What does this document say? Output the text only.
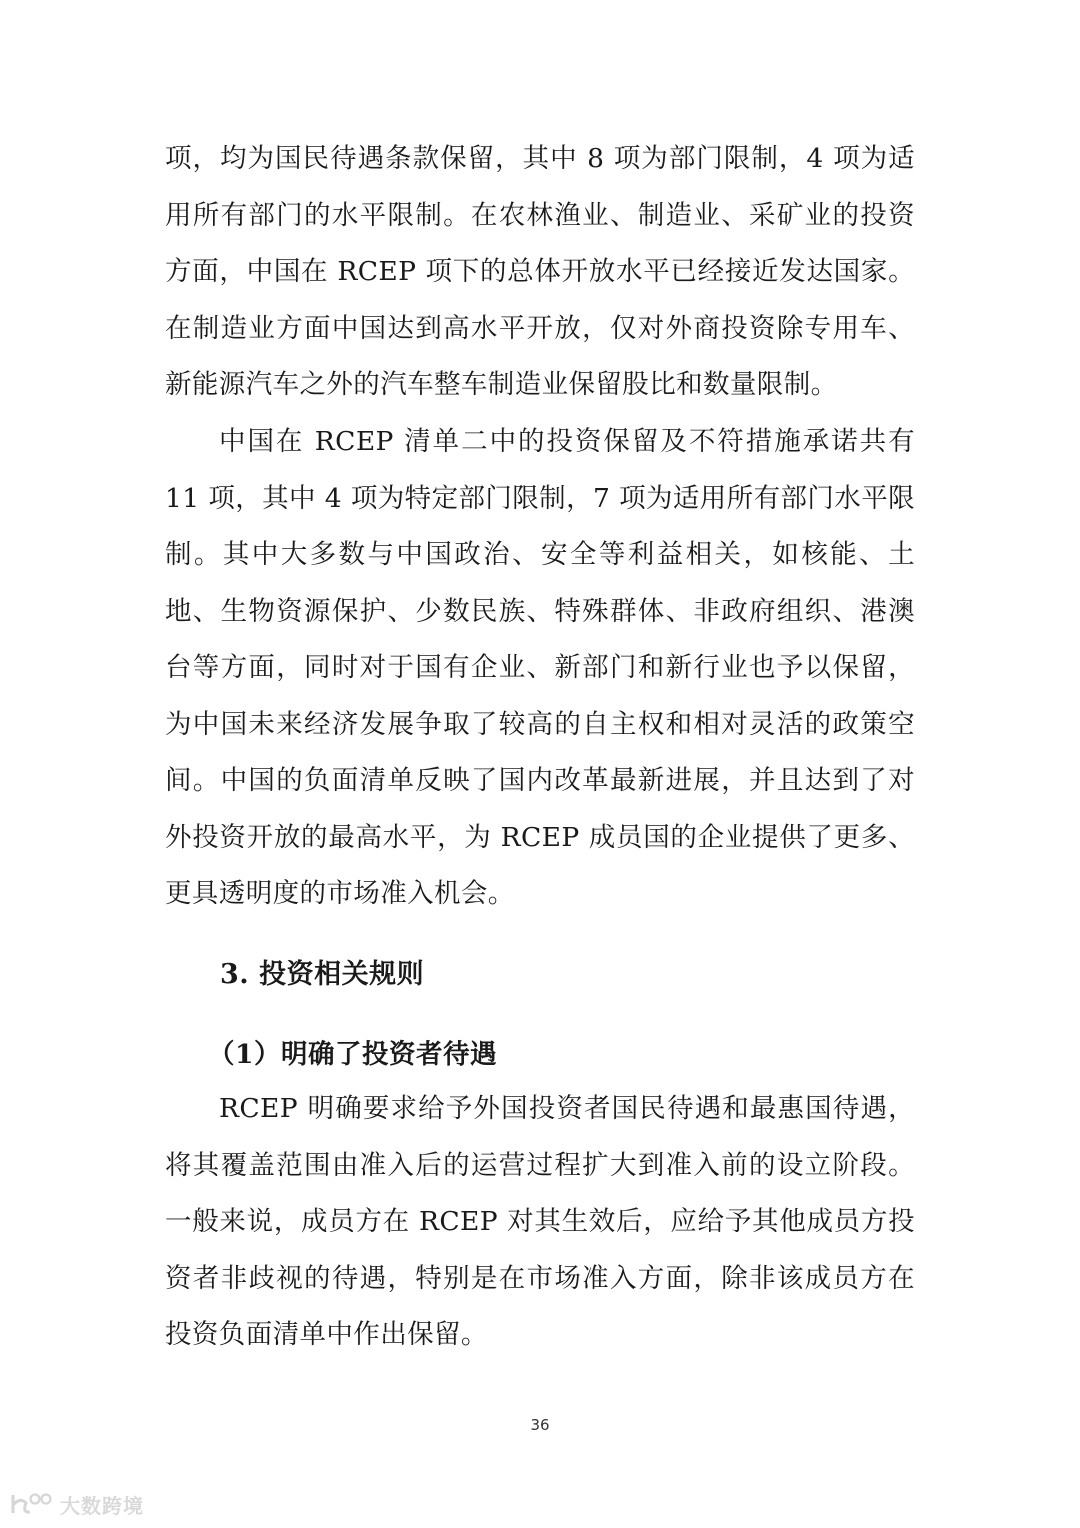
项，均为国民待遇条款保留，其中 8 项为部门限制，4 项为适用所有部门的水平限制。在农林渔业、制造业、采矿业的投资方面，中国在 RCEP 项下的总体开放水平已经接近发达国家。在制造业方面中国达到高水平开放，仅对外商投资除专用车、新能源汽车之外的汽车整车制造业保留股比和数量限制。

中国在 RCEP 清单二中的投资保留及不符措施承诺共有 11 项，其中 4 项为特定部门限制，7 项为适用所有部门水平限制。其中大多数与中国政治、安全等利益相关，如核能、土地、生物资源保护、少数民族、特殊群体、非政府组织、港澳台等方面，同时对于国有企业、新部门和新行业也予以保留，为中国未来经济发展争取了较高的自主权和相对灵活的政策空间。中国的负面清单反映了国内改革最新进展，并且达到了对外投资开放的最高水平，为 RCEP 成员国的企业提供了更多、更具透明度的市场准入机会。

3. 投资相关规则
（1）明确了投资者待遇

RCEP 明确要求给予外国投资者国民待遇和最惠国待遇，将其覆盖范围由准入后的运营过程扩大到准入前的设立阶段。一般来说，成员方在 RCEP 对其生效后，应给予其他成员方投资者非歧视的待遇，特别是在市场准入方面，除非该成员方在投资负面清单中作出保留。

36
大数跨境
